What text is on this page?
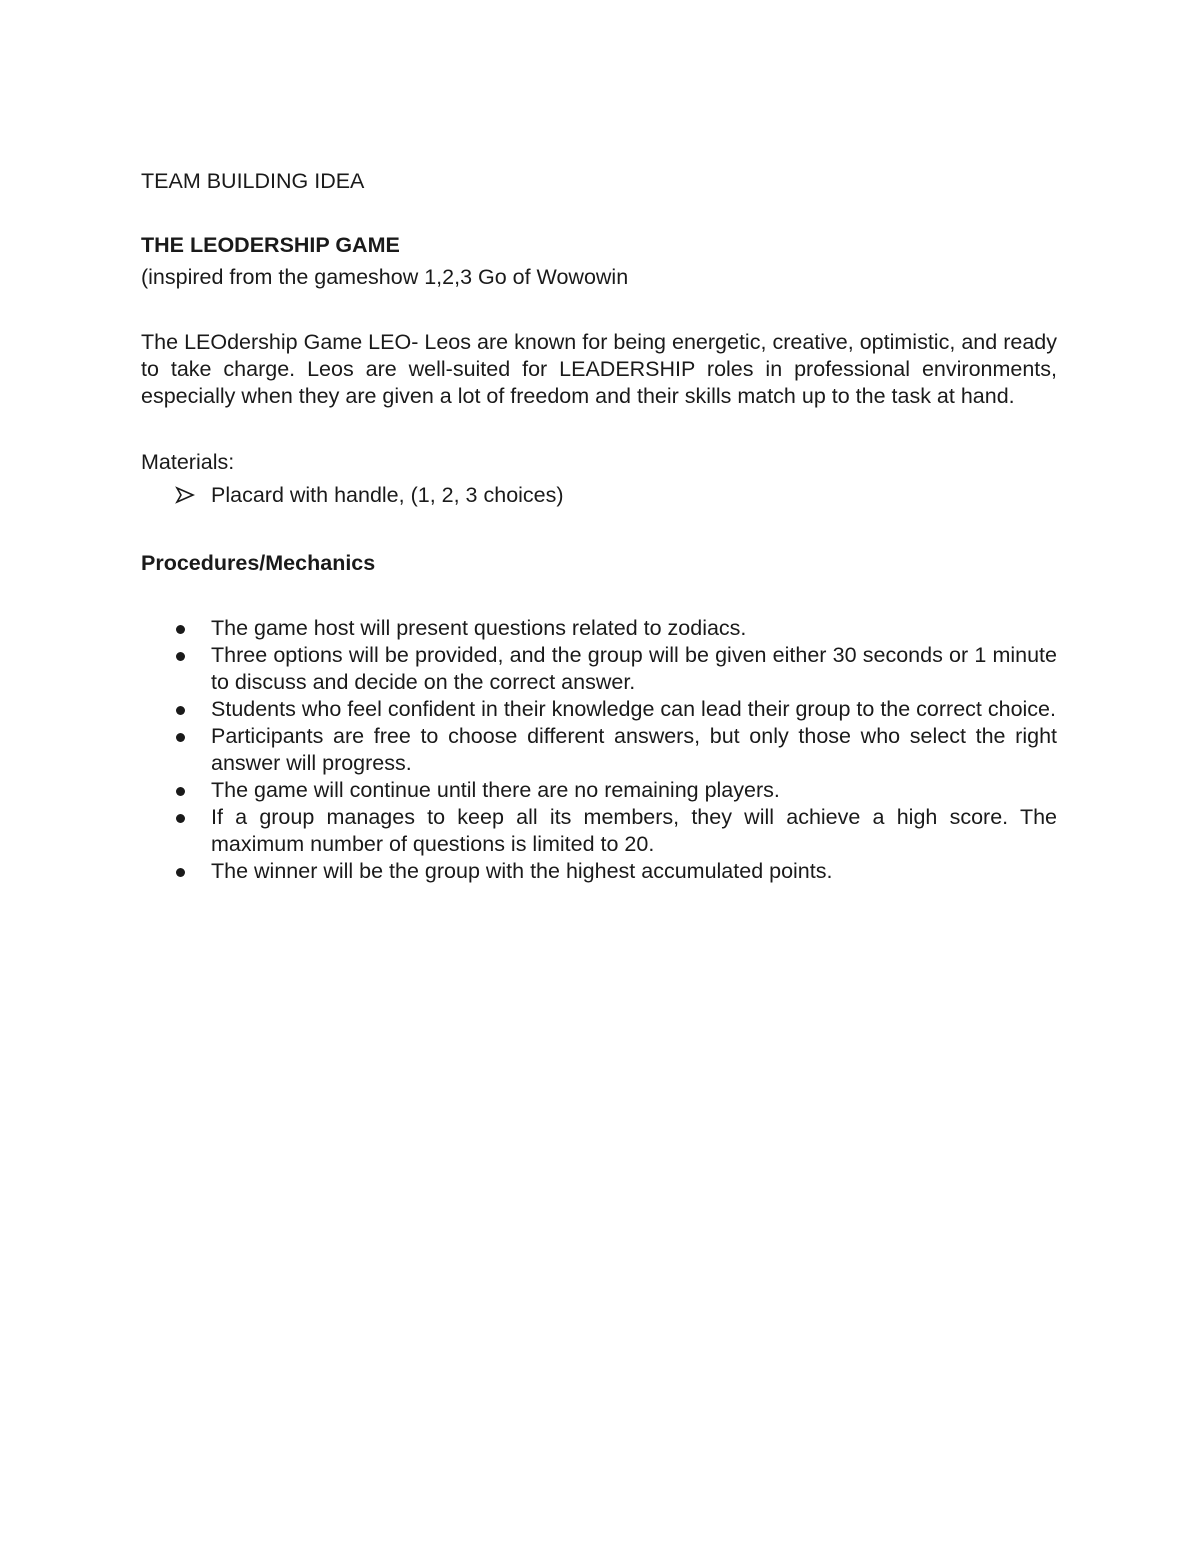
TEAM BUILDING IDEA

THE LEODERSHIP GAME

(inspired from the gameshow 1,2,3 Go of Wowowin

The LEOdership Game LEO- Leos are known for being energetic, creative, optimistic, and ready to take charge. Leos are well-suited for LEADERSHIP roles in professional environments, especially when they are given a lot of freedom and their skills match up to the task at hand.

Materials:

Placard with handle, (1, 2, 3 choices)
Procedures/Mechanics
The game host will present questions related to zodiacs.
Three options will be provided, and the group will be given either 30 seconds or 1 minute to discuss and decide on the correct answer.
Students who feel confident in their knowledge can lead their group to the correct choice.
Participants are free to choose different answers, but only those who select the right answer will progress.
The game will continue until there are no remaining players.
If a group manages to keep all its members, they will achieve a high score. The maximum number of questions is limited to 20.
The winner will be the group with the highest accumulated points.
